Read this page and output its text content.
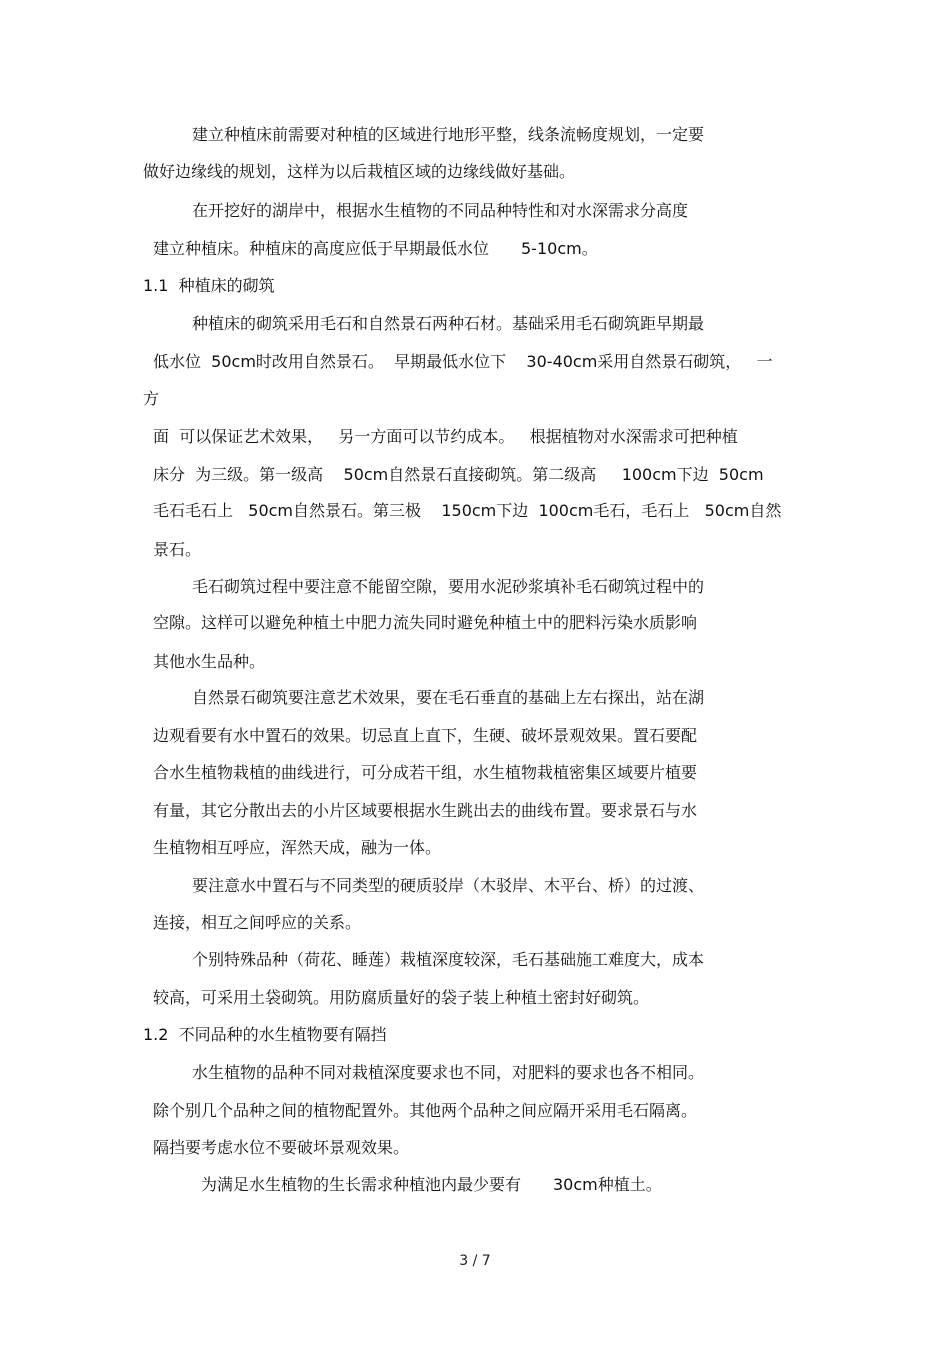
建立种植床前需要对种植的区域进行地形平整，线条流畅度规划，一定要

做好边缘线的规划，这样为以后栽植区域的边缘线做好基础。

在开挖好的湖岸中，根据水生植物的不同品种特性和对水深需求分高度

建立种植床。种植床的高度应低于早期最低水位　　5-10cm。

1.1  种植床的砌筑

种植床的砌筑采用毛石和自然景石两种石材。基础采用毛石砌筑距早期最

低水位  50cm时改用自然景石。  早期最低水位下    30-40cm采用自然景石砌筑，   一

方

面  可以保证艺术效果，   另一方面可以节约成本。   根据植物对水深需求可把种植

床分  为三级。第一级高    50cm自然景石直接砌筑。第二级高     100cm下边  50cm

毛石毛石上   50cm自然景石。第三极    150cm下边  100cm毛石，毛石上   50cm自然

景石。

毛石砌筑过程中要注意不能留空隙，要用水泥砂浆填补毛石砌筑过程中的

空隙。这样可以避免种植土中肥力流失同时避免种植土中的肥料污染水质影响

其他水生品种。

自然景石砌筑要注意艺术效果，要在毛石垂直的基础上左右探出，站在湖

边观看要有水中置石的效果。切忌直上直下，生硬、破坏景观效果。置石要配

合水生植物栽植的曲线进行，可分成若干组，水生植物栽植密集区域要片植要

有量，其它分散出去的小片区域要根据水生跳出去的曲线布置。要求景石与水

生植物相互呼应，浑然天成，融为一体。

要注意水中置石与不同类型的硬质驳岸（木驳岸、木平台、桥）的过渡、

连接，相互之间呼应的关系。

个别特殊品种（荷花、睡莲）栽植深度较深，毛石基础施工难度大，成本

较高，可采用土袋砌筑。用防腐质量好的袋子装上种植土密封好砌筑。

1.2  不同品种的水生植物要有隔挡

水生植物的品种不同对栽植深度要求也不同，对肥料的要求也各不相同。

除个别几个品种之间的植物配置外。其他两个品种之间应隔开采用毛石隔离。

隔挡要考虑水位不要破坏景观效果。

为满足水生植物的生长需求种植池内最少要有　　30cm种植土。

3 / 7
